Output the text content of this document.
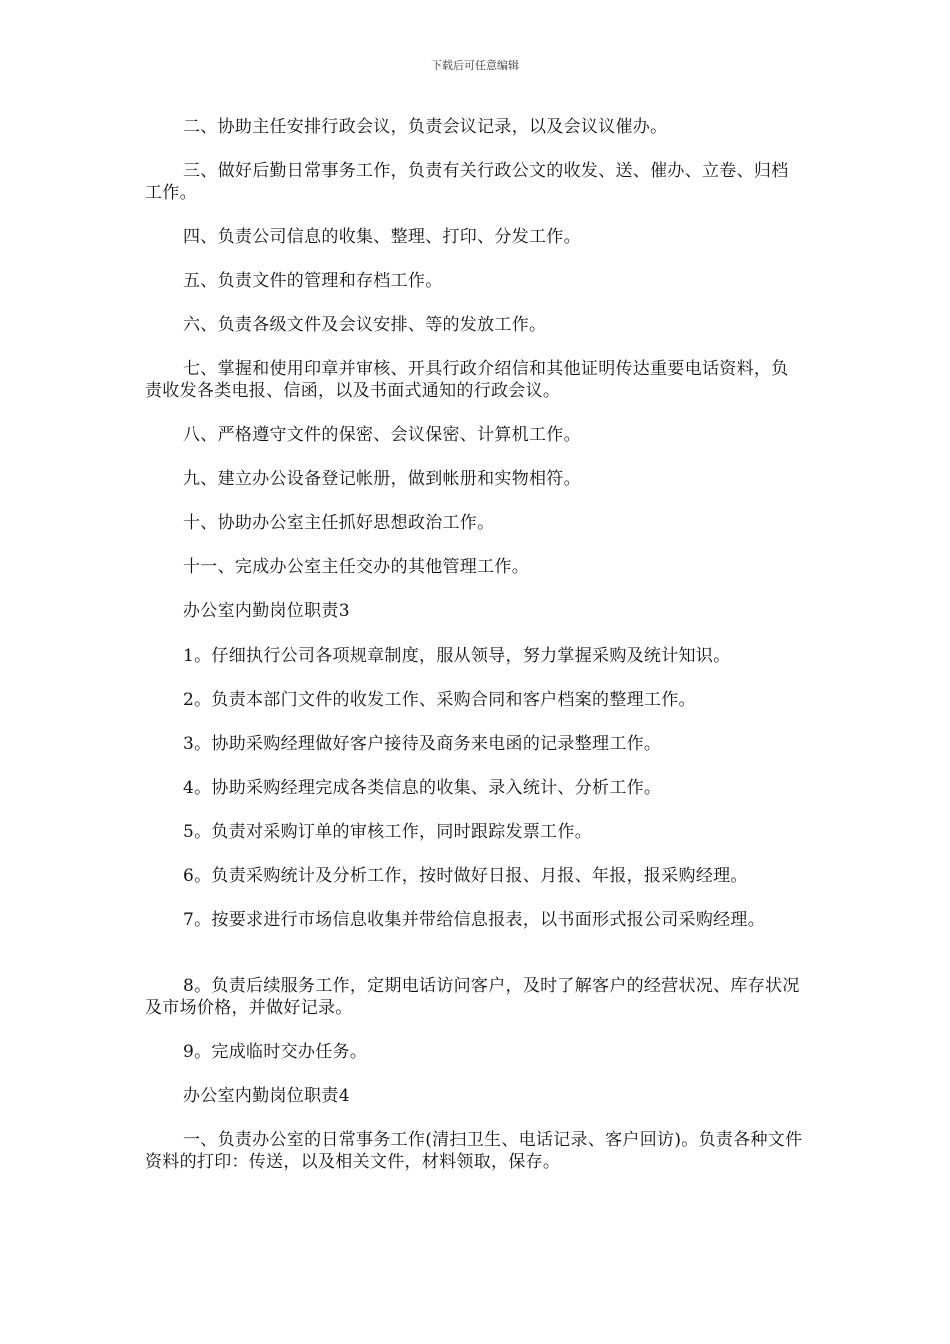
下载后可任意编辑

二、协助主任安排行政会议，负责会议记录，以及会议议催办。

三、做好后勤日常事务工作，负责有关行政公文的收发、送、催办、立卷、归档工作。

四、负责公司信息的收集、整理、打印、分发工作。

五、负责文件的管理和存档工作。

六、负责各级文件及会议安排、等的发放工作。

七、掌握和使用印章并审核、开具行政介绍信和其他证明传达重要电话资料，负责收发各类电报、信函，以及书面式通知的行政会议。

八、严格遵守文件的保密、会议保密、计算机工作。

九、建立办公设备登记帐册，做到帐册和实物相符。

十、协助办公室主任抓好思想政治工作。

十一、完成办公室主任交办的其他管理工作。

办公室内勤岗位职责3

1。仔细执行公司各项规章制度，服从领导，努力掌握采购及统计知识。

2。负责本部门文件的收发工作、采购合同和客户档案的整理工作。

3。协助采购经理做好客户接待及商务来电函的记录整理工作。

4。协助采购经理完成各类信息的收集、录入统计、分析工作。

5。负责对采购订单的审核工作，同时跟踪发票工作。

6。负责采购统计及分析工作，按时做好日报、月报、年报，报采购经理。

7。按要求进行市场信息收集并带给信息报表，以书面形式报公司采购经理。

8。负责后续服务工作，定期电话访问客户，及时了解客户的经营状况、库存状况及市场价格，并做好记录。

9。完成临时交办任务。

办公室内勤岗位职责4

一、负责办公室的日常事务工作(清扫卫生、电话记录、客户回访)。负责各种文件资料的打印：传送，以及相关文件，材料领取，保存。
